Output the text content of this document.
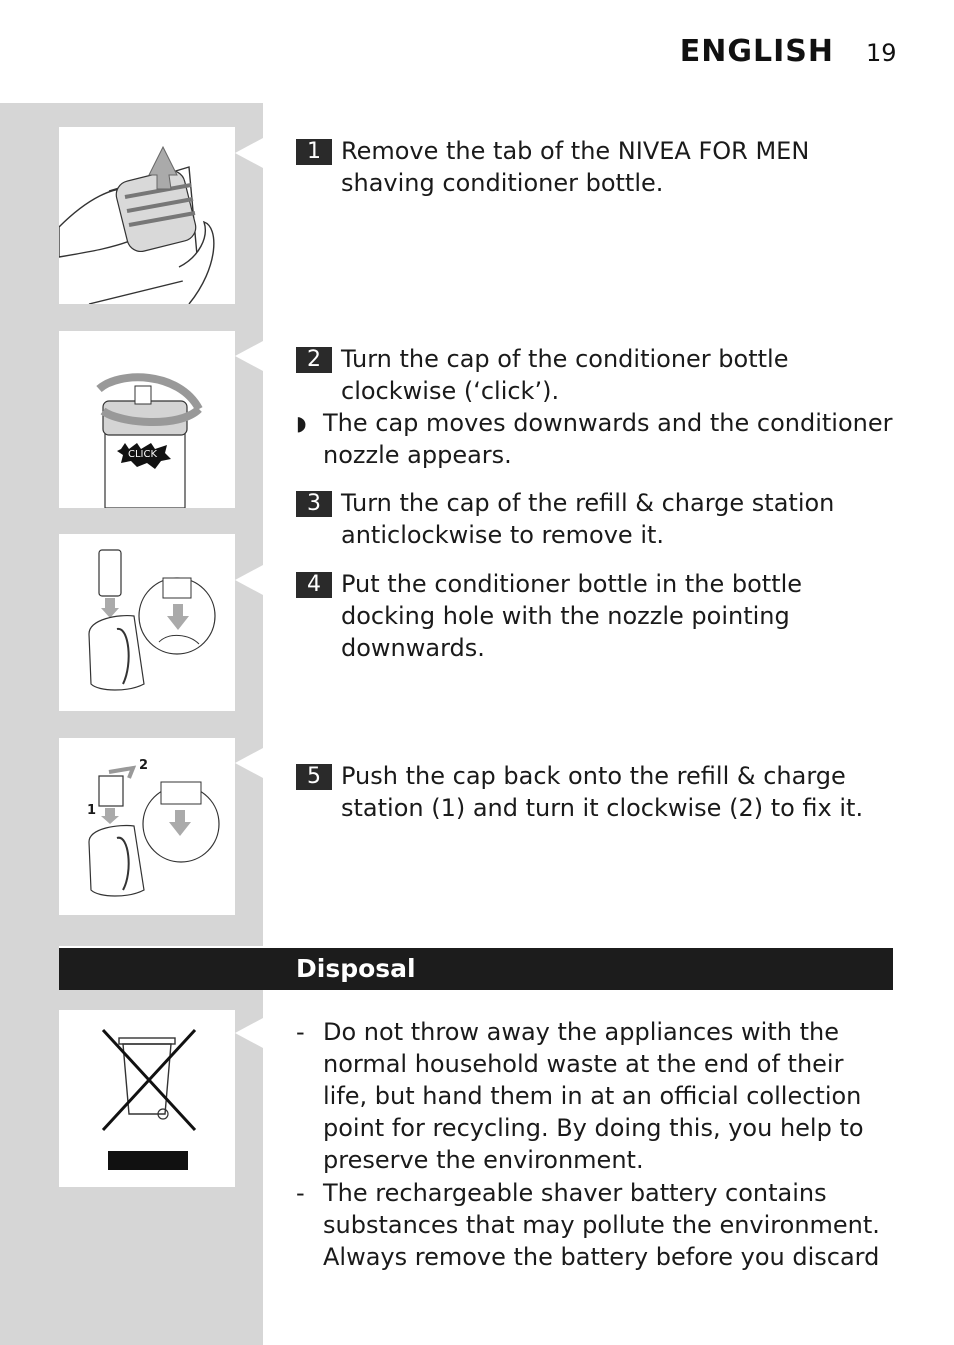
ENGLISH 19
CLICK
2
1
1 Remove the tab of the NIVEA FOR MEN shaving conditioner bottle.
2 Turn the cap of the conditioner bottle clockwise (‘click’).
◗ The cap moves downwards and the conditioner nozzle appears.
3 Turn the cap of the refill & charge station anticlockwise to remove it.
4 Put the conditioner bottle in the bottle docking hole with the nozzle pointing downwards.
5 Push the cap back onto the refill & charge station (1) and turn it clockwise (2) to fix it.
Disposal
- Do not throw away the appliances with the normal household waste at the end of their life, but hand them in at an official collection point for recycling. By doing this, you help to preserve the environment.
- The rechargeable shaver battery contains substances that may pollute the environment. Always remove the battery before you discard
